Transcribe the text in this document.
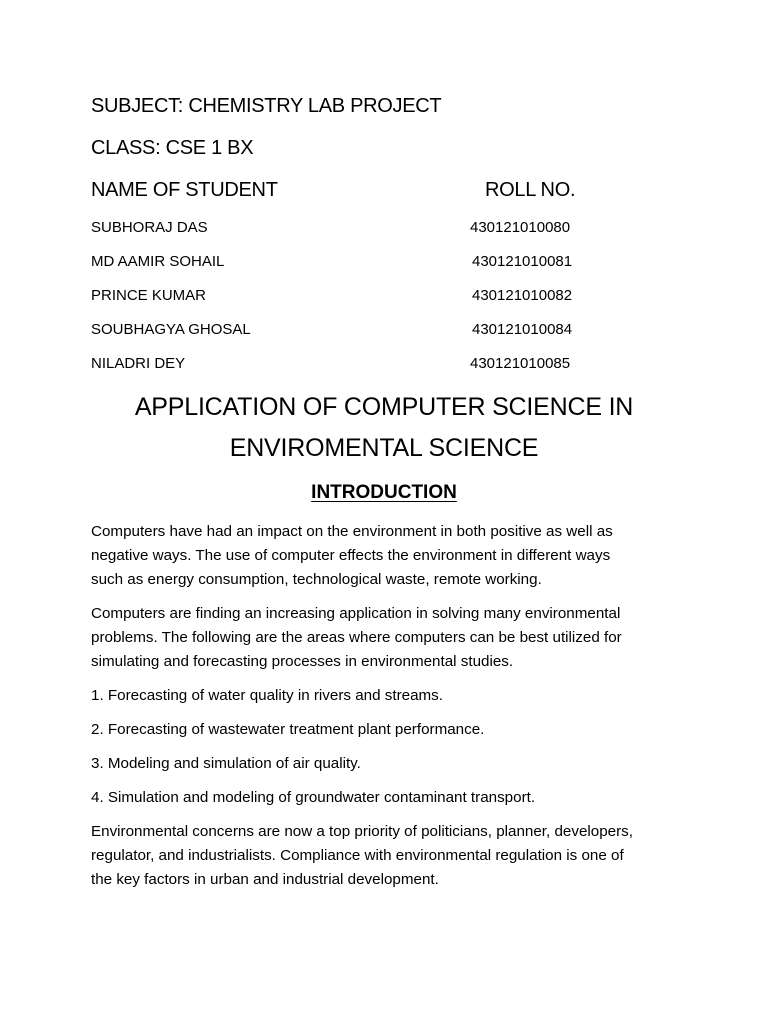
SUBJECT: CHEMISTRY LAB PROJECT
CLASS: CSE 1 BX
NAME OF STUDENT	ROLL NO.
SUBHORAJ DAS	430121010080
MD AAMIR SOHAIL	430121010081
PRINCE KUMAR	430121010082
SOUBHAGYA GHOSAL	430121010084
NILADRI DEY	430121010085
APPLICATION OF COMPUTER SCIENCE IN
ENVIROMENTAL SCIENCE
INTRODUCTION

Computers have had an impact on the environment in both positive as well as
negative ways. The use of computer effects the environment in different ways
such as energy consumption, technological waste, remote working.

Computers are finding an increasing application in solving many environmental
problems. The following are the areas where computers can be best utilized for
simulating and forecasting processes in environmental studies.

1. Forecasting of water quality in rivers and streams.
2. Forecasting of wastewater treatment plant performance.
3. Modeling and simulation of air quality.
4. Simulation and modeling of groundwater contaminant transport.

Environmental concerns are now a top priority of politicians, planner, developers,
regulator, and industrialists. Compliance with environmental regulation is one of
the key factors in urban and industrial development.
